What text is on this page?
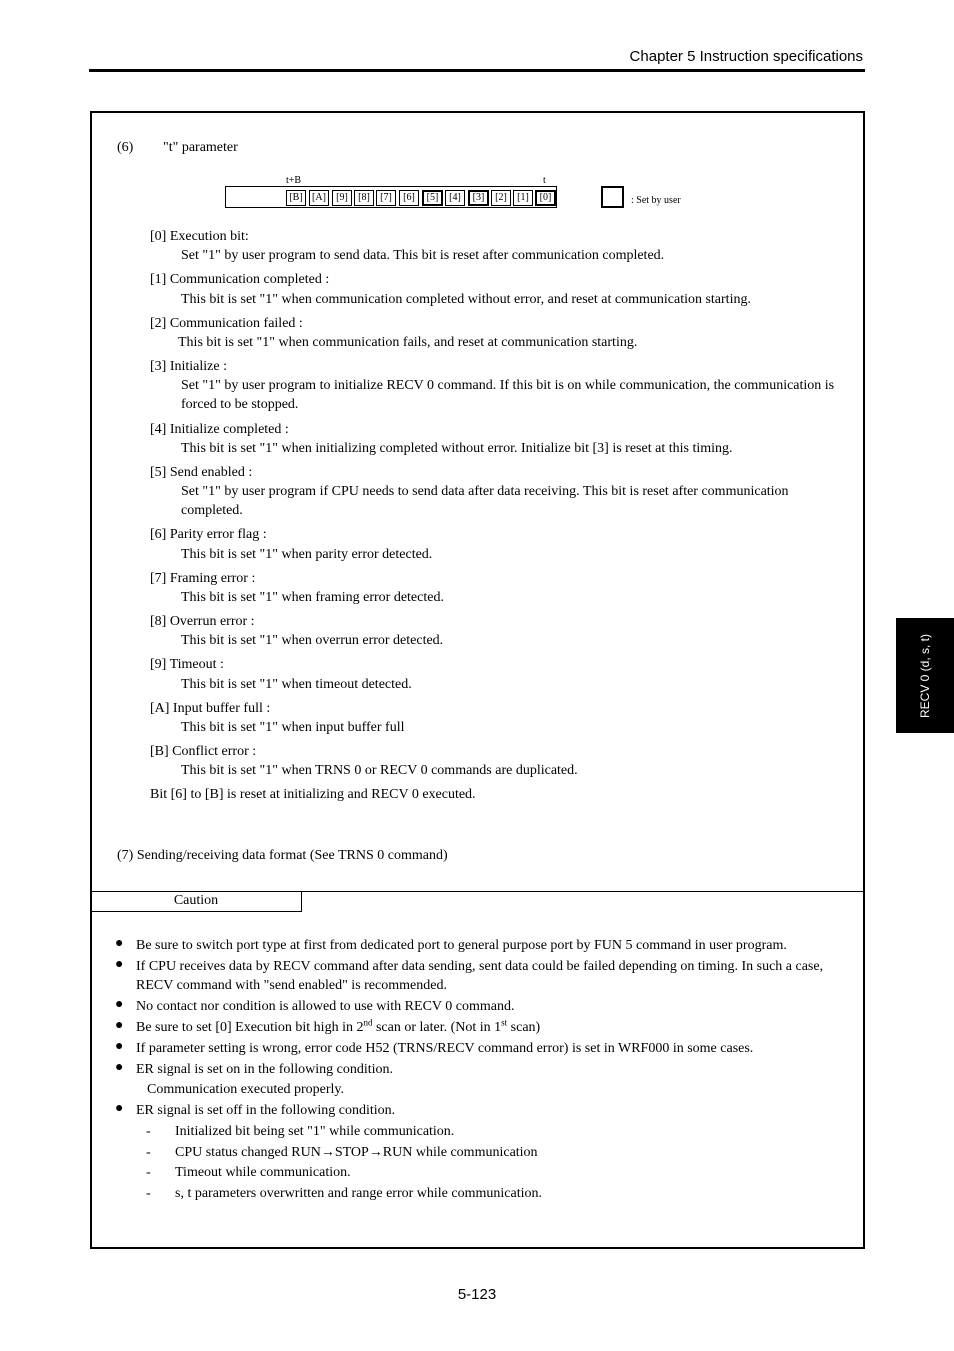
Chapter 5 Instruction specifications
(6) "t" parameter
t+B	t
[B] [A]	[9]	[8]	[7]	[6]	[5]	[4]	[3]	[2]	[1]	[0]	: Set by user
[0] Execution bit:
Set "1" by user program to send data. This bit is reset after communication completed.
[1] Communication completed :
This bit is set "1" when communication completed without error, and reset at communication starting.
[2] Communication failed :
This bit is set "1" when communication fails, and reset at communication starting.
[3] Initialize :
Set "1" by user program to initialize RECV 0 command. If this bit is on while communication, the communication is forced to be stopped.
[4] Initialize completed :
This bit is set "1" when initializing completed without error. Initialize bit [3] is reset at this timing.
[5] Send enabled :
Set "1" by user program if CPU needs to send data after data receiving. This bit is reset after communication completed.
[6] Parity error flag :
This bit is set "1" when parity error detected.
[7] Framing error :
This bit is set "1" when framing error detected.
[8] Overrun error :
This bit is set "1" when overrun error detected.
[9] Timeout :
This bit is set "1" when timeout detected.
[A] Input buffer full :
This bit is set "1" when input buffer full
[B] Conflict error :
This bit is set "1" when TRNS 0 or RECV 0 commands are duplicated.
Bit [6] to [B] is reset at initializing and RECV 0 executed.
(7) Sending/receiving data format (See TRNS 0 command)
Caution
● Be sure to switch port type at first from dedicated port to general purpose port by FUN 5 command in user program.
● If CPU receives data by RECV command after data sending, sent data could be failed depending on timing. In such a case, RECV command with "send enabled" is recommended.
● No contact nor condition is allowed to use with RECV 0 command.
● Be sure to set [0] Execution bit high in 2nd scan or later. (Not in 1st scan)
● If parameter setting is wrong, error code H52 (TRNS/RECV command error) is set in WRF000 in some cases.
● ER signal is set on in the following condition.
Communication executed properly.
● ER signal is set off in the following condition.
- Initialized bit being set "1" while communication.
- CPU status changed RUN→STOP→RUN while communication
- Timeout while communication.
- s, t parameters overwritten and range error while communication.
RECV 0 (d, s, t)
5-123
